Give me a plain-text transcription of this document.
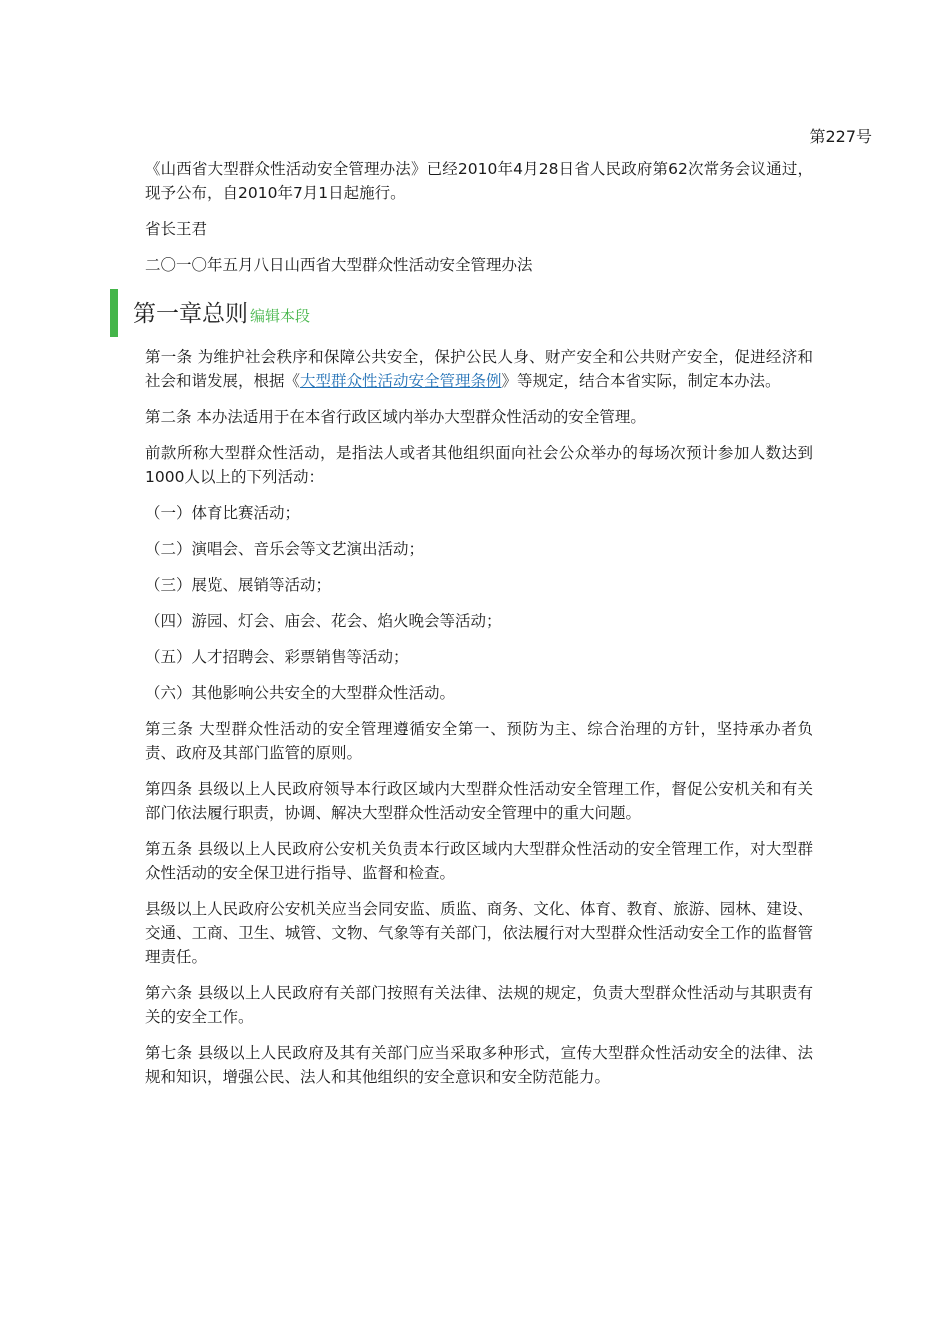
第227号

《山西省大型群众性活动安全管理办法》已经2010年4月28日省人民政府第62次常务会议通过，现予公布，自2010年7月1日起施行。

省长王君

二〇一〇年五月八日山西省大型群众性活动安全管理办法

第一章总则 编辑本段

第一条 为维护社会秩序和保障公共安全，保护公民人身、财产安全和公共财产安全，促进经济和社会和谐发展，根据《大型群众性活动安全管理条例》等规定，结合本省实际，制定本办法。

第二条 本办法适用于在本省行政区域内举办大型群众性活动的安全管理。

前款所称大型群众性活动，是指法人或者其他组织面向社会公众举办的每场次预计参加人数达到1000人以上的下列活动：

（一）体育比赛活动；

（二）演唱会、音乐会等文艺演出活动；

（三）展览、展销等活动；

（四）游园、灯会、庙会、花会、焰火晚会等活动；

（五）人才招聘会、彩票销售等活动；

（六）其他影响公共安全的大型群众性活动。

第三条 大型群众性活动的安全管理遵循安全第一、预防为主、综合治理的方针，坚持承办者负责、政府及其部门监管的原则。

第四条 县级以上人民政府领导本行政区域内大型群众性活动安全管理工作，督促公安机关和有关部门依法履行职责，协调、解决大型群众性活动安全管理中的重大问题。

第五条 县级以上人民政府公安机关负责本行政区域内大型群众性活动的安全管理工作，对大型群众性活动的安全保卫进行指导、监督和检查。

县级以上人民政府公安机关应当会同安监、质监、商务、文化、体育、教育、旅游、园林、建设、交通、工商、卫生、城管、文物、气象等有关部门，依法履行对大型群众性活动安全工作的监督管理责任。

第六条 县级以上人民政府有关部门按照有关法律、法规的规定，负责大型群众性活动与其职责有关的安全工作。

第七条 县级以上人民政府及其有关部门应当采取多种形式，宣传大型群众性活动安全的法律、法规和知识，增强公民、法人和其他组织的安全意识和安全防范能力。
